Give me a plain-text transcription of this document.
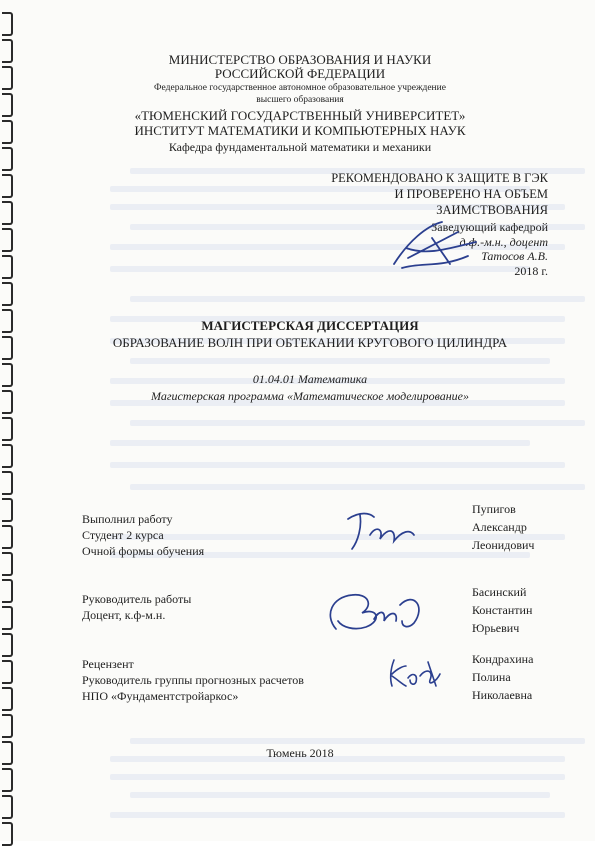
МИНИСТЕРСТВО ОБРАЗОВАНИЯ И НАУКИ
РОССИЙСКОЙ ФЕДЕРАЦИИ
Федеральное государственное автономное образовательное учреждение
высшего образования
«ТЮМЕНСКИЙ ГОСУДАРСТВЕННЫЙ УНИВЕРСИТЕТ»
ИНСТИТУТ МАТЕМАТИКИ И КОМПЬЮТЕРНЫХ НАУК
Кафедра фундаментальной математики и механики
РЕКОМЕНДОВАНО К ЗАЩИТЕ В ГЭК
И ПРОВЕРЕНО НА ОБЪЕМ
ЗАИМСТВОВАНИЯ
Заведующий кафедрой
д.ф.-м.н., доцент
Татосов А.В.
2018 г.
МАГИСТЕРСКАЯ ДИССЕРТАЦИЯ
ОБРАЗОВАНИЕ ВОЛН ПРИ ОБТЕКАНИИ КРУГОВОГО ЦИЛИНДРА
01.04.01 Математика
Магистерская программа «Математическое моделирование»
Выполнил работу
Студент 2 курса
Очной формы обучения
Пупигов
Александр
Леонидович
Руководитель работы
Доцент, к.ф-м.н.
Басинский
Константин
Юрьевич
Рецензент
Руководитель группы прогнозных расчетов
НПО «Фундаментстройаркос»
Кондрахина
Полина
Николаевна
Тюмень 2018
